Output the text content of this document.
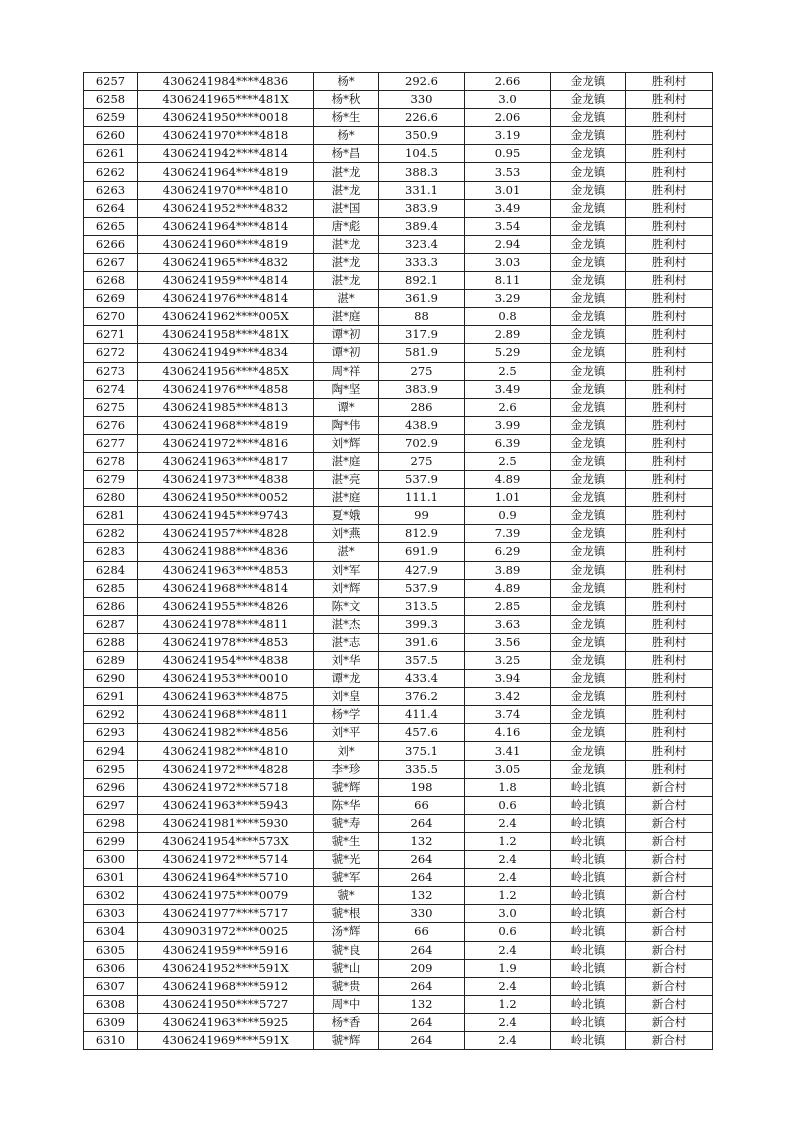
6257	4306241984****4836	杨*	292.6	2.66	金龙镇	胜利村
6258	4306241965****481X	杨*秋	330	3.0	金龙镇	胜利村
6259	4306241950****0018	杨*生	226.6	2.06	金龙镇	胜利村
6260	4306241970****4818	杨*	350.9	3.19	金龙镇	胜利村
6261	4306241942****4814	杨*昌	104.5	0.95	金龙镇	胜利村
6262	4306241964****4819	湛*龙	388.3	3.53	金龙镇	胜利村
6263	4306241970****4810	湛*龙	331.1	3.01	金龙镇	胜利村
6264	4306241952****4832	湛*国	383.9	3.49	金龙镇	胜利村
6265	4306241964****4814	唐*彪	389.4	3.54	金龙镇	胜利村
6266	4306241960****4819	湛*龙	323.4	2.94	金龙镇	胜利村
6267	4306241965****4832	湛*龙	333.3	3.03	金龙镇	胜利村
6268	4306241959****4814	湛*龙	892.1	8.11	金龙镇	胜利村
6269	4306241976****4814	湛*	361.9	3.29	金龙镇	胜利村
6270	4306241962****005X	湛*庭	88	0.8	金龙镇	胜利村
6271	4306241958****481X	谭*初	317.9	2.89	金龙镇	胜利村
6272	4306241949****4834	谭*初	581.9	5.29	金龙镇	胜利村
6273	4306241956****485X	周*祥	275	2.5	金龙镇	胜利村
6274	4306241976****4858	陶*坚	383.9	3.49	金龙镇	胜利村
6275	4306241985****4813	谭*	286	2.6	金龙镇	胜利村
6276	4306241968****4819	陶*伟	438.9	3.99	金龙镇	胜利村
6277	4306241972****4816	刘*辉	702.9	6.39	金龙镇	胜利村
6278	4306241963****4817	湛*庭	275	2.5	金龙镇	胜利村
6279	4306241973****4838	湛*亮	537.9	4.89	金龙镇	胜利村
6280	4306241950****0052	湛*庭	111.1	1.01	金龙镇	胜利村
6281	4306241945****9743	夏*娥	99	0.9	金龙镇	胜利村
6282	4306241957****4828	刘*燕	812.9	7.39	金龙镇	胜利村
6283	4306241988****4836	湛*	691.9	6.29	金龙镇	胜利村
6284	4306241963****4853	刘*军	427.9	3.89	金龙镇	胜利村
6285	4306241968****4814	刘*辉	537.9	4.89	金龙镇	胜利村
6286	4306241955****4826	陈*文	313.5	2.85	金龙镇	胜利村
6287	4306241978****4811	湛*杰	399.3	3.63	金龙镇	胜利村
6288	4306241978****4853	湛*志	391.6	3.56	金龙镇	胜利村
6289	4306241954****4838	刘*华	357.5	3.25	金龙镇	胜利村
6290	4306241953****0010	谭*龙	433.4	3.94	金龙镇	胜利村
6291	4306241963****4875	刘*皇	376.2	3.42	金龙镇	胜利村
6292	4306241968****4811	杨*学	411.4	3.74	金龙镇	胜利村
6293	4306241982****4856	刘*平	457.6	4.16	金龙镇	胜利村
6294	4306241982****4810	刘*	375.1	3.41	金龙镇	胜利村
6295	4306241972****4828	李*珍	335.5	3.05	金龙镇	胜利村
6296	4306241972****5718	虢*辉	198	1.8	岭北镇	新合村
6297	4306241963****5943	陈*华	66	0.6	岭北镇	新合村
6298	4306241981****5930	虢*寿	264	2.4	岭北镇	新合村
6299	4306241954****573X	虢*生	132	1.2	岭北镇	新合村
6300	4306241972****5714	虢*光	264	2.4	岭北镇	新合村
6301	4306241964****5710	虢*军	264	2.4	岭北镇	新合村
6302	4306241975****0079	虢*	132	1.2	岭北镇	新合村
6303	4306241977****5717	虢*根	330	3.0	岭北镇	新合村
6304	4309031972****0025	汤*辉	66	0.6	岭北镇	新合村
6305	4306241959****5916	虢*良	264	2.4	岭北镇	新合村
6306	4306241952****591X	虢*山	209	1.9	岭北镇	新合村
6307	4306241968****5912	虢*贵	264	2.4	岭北镇	新合村
6308	4306241950****5727	周*中	132	1.2	岭北镇	新合村
6309	4306241963****5925	杨*香	264	2.4	岭北镇	新合村
6310	4306241969****591X	虢*辉	264	2.4	岭北镇	新合村
